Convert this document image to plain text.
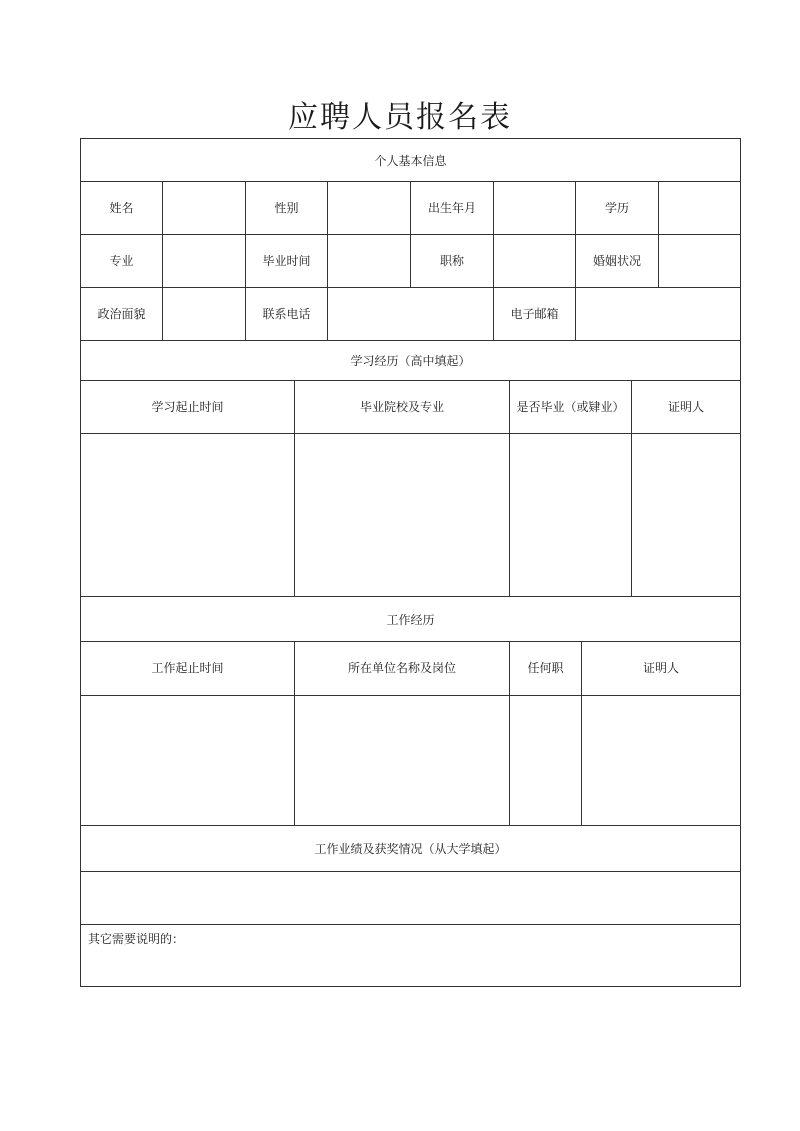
应聘人员报名表
个人基本信息
姓名	性别	出生年月	学历
专业	毕业时间	职称	婚姻状况
政治面貌	联系电话	电子邮箱
学习经历（高中填起）
学习起止时间	毕业院校及专业	是否毕业（或肄业）	证明人
工作经历
工作起止时间	所在单位名称及岗位	任何职	证明人
工作业绩及获奖情况（从大学填起）
其它需要说明的：
